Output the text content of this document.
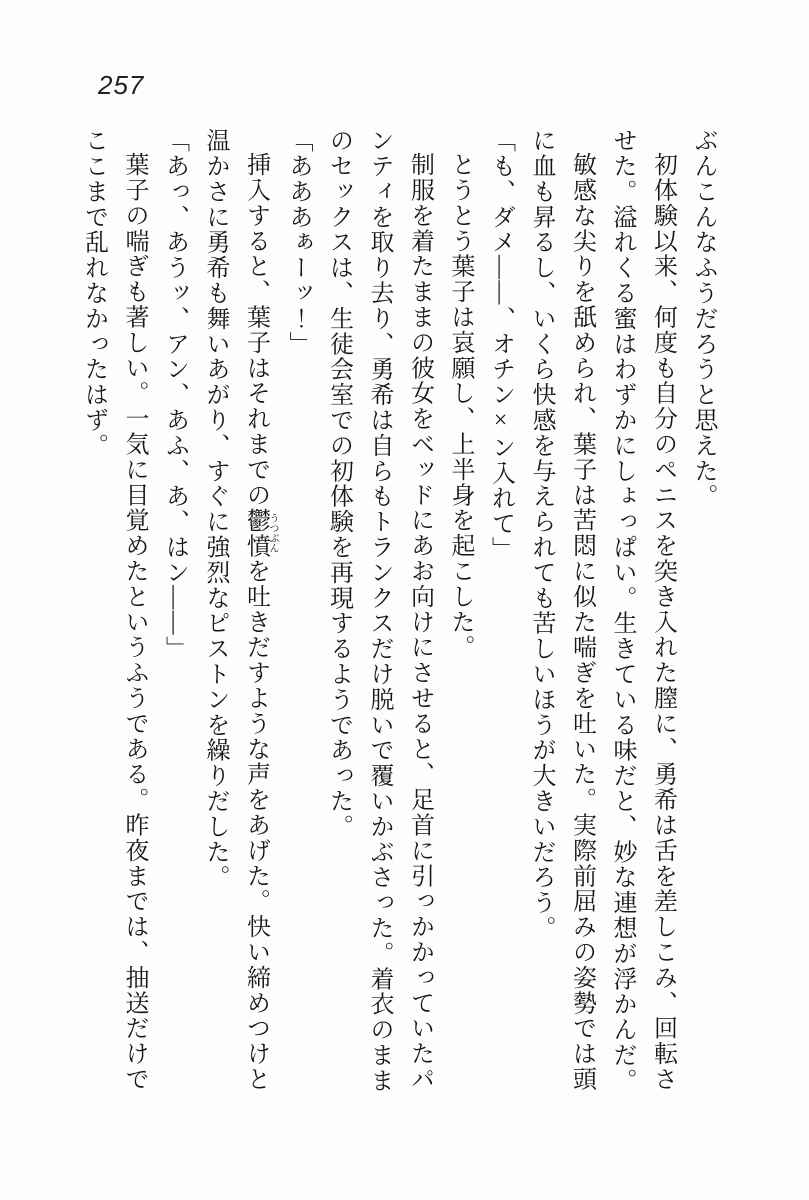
257

ぶんこんなふうだろうと思えた。

初体験以来、何度も自分のペニスを突き入れた膣に、勇希は舌を差しこみ、回転させた。溢れくる蜜はわずかにしょっぱい。生きている味だと、妙な連想が浮かんだ。

敏感な尖りを舐められ、葉子は苦悶に似た喘ぎを吐いた。実際前屈みの姿勢では頭に血も昇るし、いくら快感を与えられても苦しいほうが大きいだろう。

「も、ダメ――、オチン×ン入れて」

とうとう葉子は哀願し、上半身を起こした。

制服を着たままの彼女をベッドにあお向けにさせると、足首に引っかかっていたパンティを取り去り、勇希は自らもトランクスだけ脱いで覆いかぶさった。着衣のままのセックスは、生徒会室での初体験を再現するようであった。

「あああぁーッ！」

挿入すると、葉子はそれまでの鬱憤うつぶんを吐きだすような声をあげた。快い締めつけと温かさに勇希も舞いあがり、すぐに強烈なピストンを繰りだした。

「あっ、あうッ、アン、あふ、あ、はン――」

葉子の喘ぎも著しい。一気に目覚めたというふうである。昨夜までは、抽送だけでここまで乱れなかったはず。
